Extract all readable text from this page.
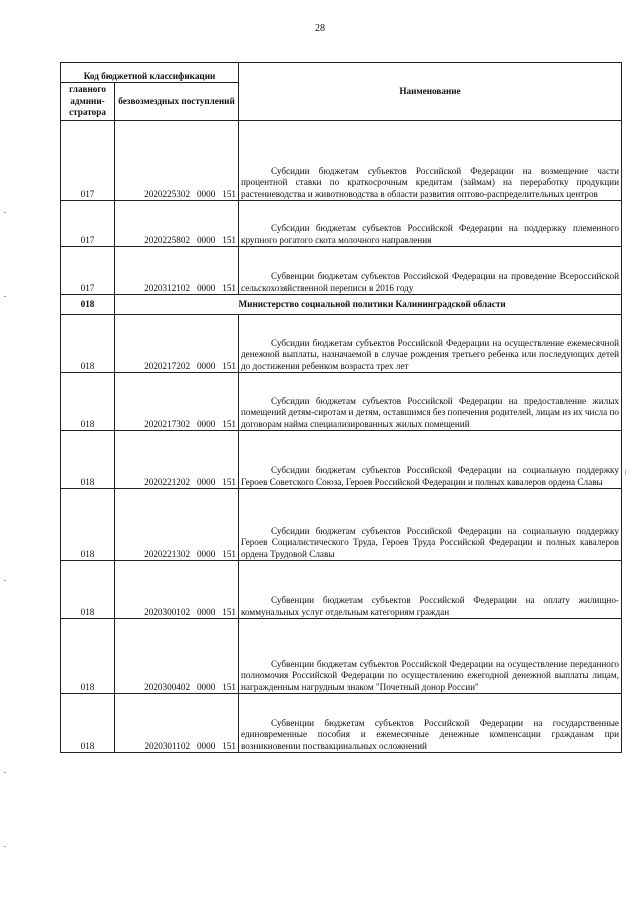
28
Код бюджетной классификации		Наименование
главного админи-стратора	безвозмездных поступлений	
017	2020225302   0000   151	Субсидии бюджетам субъектов Российской Федерации на возмещение части процентной ставки по краткосрочным кредитам (займам) на переработку продукции растениеводства и животноводства в области развития оптово-распределительных центров

017	2020225802   0000   151	Субсидии бюджетам субъектов Российской Федерации на поддержку племенного крупного рогатого скота молочного направления

017	2020312102   0000   151	Субвенции бюджетам субъектов Российской Федерации на проведение Всероссийской сельскохозяйственной переписи в 2016 году

018		Министерство социальной политики Калининградской области
018	2020217202   0000   151	Субсидии бюджетам субъектов Российской Федерации на осуществление ежемесячной денежной выплаты, назначаемой в случае рождения третьего ребенка или последующих детей до достижения ребенком возраста трех лет

018	2020217302   0000   151	Субсидии бюджетам субъектов Российской Федерации на предоставление жилых помещений детям-сиротам и детям, оставшимся без попечения родителей, лицам из их числа по договорам найма специализированных жилых помещений

018	2020221202   0000   151	Субсидии бюджетам субъектов Российской Федерации на социальную поддержку Героев Советского Союза, Героев Российской Федерации и полных кавалеров ордена Славы

018	2020221302   0000   151	Субсидии бюджетам субъектов Российской Федерации на социальную поддержку Героев Социалистического Труда, Героев Труда Российской Федерации и полных кавалеров ордена Трудовой Славы

018	2020300102   0000   151	Субвенции бюджетам субъектов Российской Федерации на оплату жилищно-коммунальных услуг отдельным категориям граждан

018	2020300402   0000   151	Субвенции бюджетам субъектов Российской Федерации на осуществление переданного полномочия Российской Федерации по осуществлению ежегодной денежной выплаты лицам, награжденным нагрудным знаком "Почетный донор России"

018	2020301102   0000   151	Субвенции бюджетам субъектов Российской Федерации на государственные единовременные пособия и ежемесячные денежные компенсации гражданам при возникновении поствакцинальных осложнений
